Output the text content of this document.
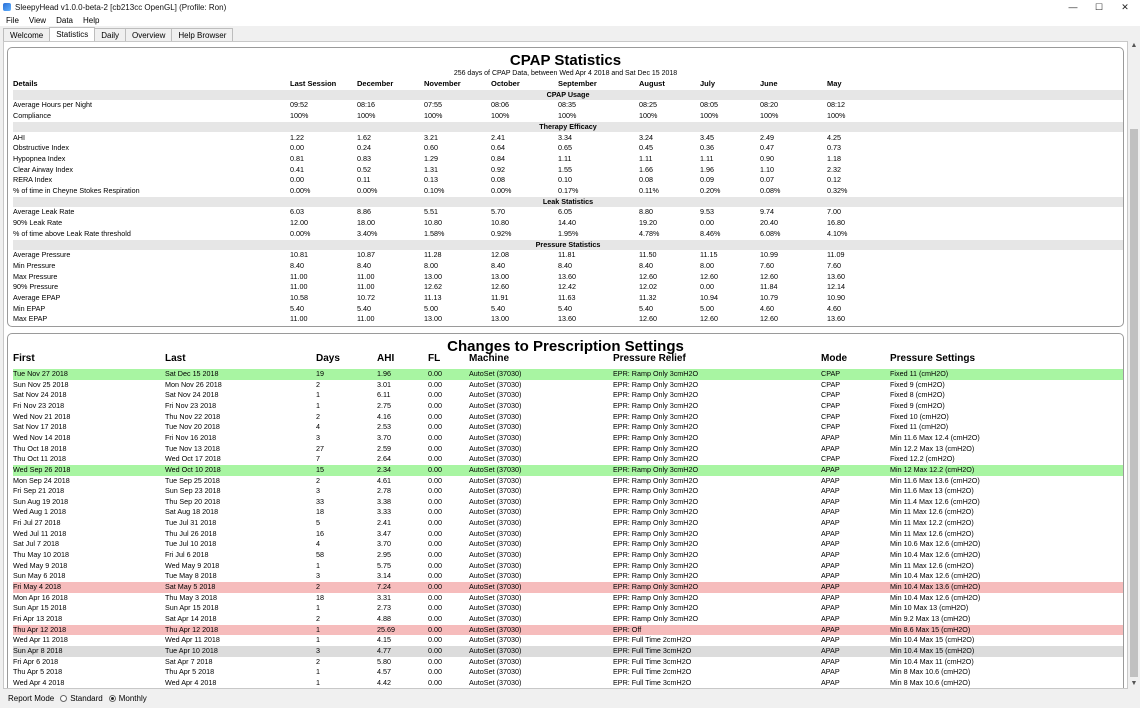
SleepyHead v1.0.0-beta-2 [cb213cc OpenGL] (Profile: Ron)	—	☐	✕
File View Data Help
Welcome	Statistics	Daily	Overview	Help Browser
CPAP Statistics
256 days of CPAP Data, between Wed Apr 4 2018 and Sat Dec 15 2018
Details	Last Session	December	November	October	September	August	July	June	May
CPAP Usage
Average Hours per Night	09:52	08:16	07:55	08:06	08:35	08:25	08:05	08:20	08:12
Compliance	100%	100%	100%	100%	100%	100%	100%	100%	100%
Therapy Efficacy
AHI	1.22	1.62	3.21	2.41	3.34	3.24	3.45	2.49	4.25
Obstructive Index	0.00	0.24	0.60	0.64	0.65	0.45	0.36	0.47	0.73
Hypopnea Index	0.81	0.83	1.29	0.84	1.11	1.11	1.11	0.90	1.18
Clear Airway Index	0.41	0.52	1.31	0.92	1.55	1.66	1.96	1.10	2.32
RERA Index	0.00	0.11	0.13	0.08	0.10	0.08	0.09	0.07	0.12
% of time in Cheyne Stokes Respiration	0.00%	0.00%	0.10%	0.00%	0.17%	0.11%	0.20%	0.08%	0.32%
Leak Statistics
Average Leak Rate	6.03	8.86	5.51	5.70	6.05	8.80	9.53	9.74	7.00
90% Leak Rate	12.00	18.00	10.80	10.80	14.40	19.20	0.00	20.40	16.80
% of time above Leak Rate threshold	0.00%	3.40%	1.58%	0.92%	1.95%	4.78%	8.46%	6.08%	4.10%
Pressure Statistics
Average Pressure	10.81	10.87	11.28	12.08	11.81	11.50	11.15	10.99	11.09
Min Pressure	8.40	8.40	8.00	8.40	8.40	8.40	8.00	7.60	7.60
Max Pressure	11.00	11.00	13.00	13.00	13.60	12.60	12.60	12.60	13.60
90% Pressure	11.00	11.00	12.62	12.60	12.42	12.02	0.00	11.84	12.14
Average EPAP	10.58	10.72	11.13	11.91	11.63	11.32	10.94	10.79	10.90
Min EPAP	5.40	5.40	5.00	5.40	5.40	5.40	5.00	4.60	4.60
Max EPAP	11.00	11.00	13.00	13.00	13.60	12.60	12.60	12.60	13.60
Changes to Prescription Settings
First	Last	Days	AHI	FL	Machine	Pressure Relief	Mode	Pressure Settings
Tue Nov 27 2018	Sat Dec 15 2018	19	1.96	0.00	AutoSet (37030)	EPR: Ramp Only 3cmH2O	CPAP	Fixed 11 (cmH2O)
Sun Nov 25 2018	Mon Nov 26 2018	2	3.01	0.00	AutoSet (37030)	EPR: Ramp Only 3cmH2O	CPAP	Fixed 9 (cmH2O)
Sat Nov 24 2018	Sat Nov 24 2018	1	6.11	0.00	AutoSet (37030)	EPR: Ramp Only 3cmH2O	CPAP	Fixed 8 (cmH2O)
Fri Nov 23 2018	Fri Nov 23 2018	1	2.75	0.00	AutoSet (37030)	EPR: Ramp Only 3cmH2O	CPAP	Fixed 9 (cmH2O)
Wed Nov 21 2018	Thu Nov 22 2018	2	4.16	0.00	AutoSet (37030)	EPR: Ramp Only 3cmH2O	CPAP	Fixed 10 (cmH2O)
Sat Nov 17 2018	Tue Nov 20 2018	4	2.53	0.00	AutoSet (37030)	EPR: Ramp Only 3cmH2O	CPAP	Fixed 11 (cmH2O)
Wed Nov 14 2018	Fri Nov 16 2018	3	3.70	0.00	AutoSet (37030)	EPR: Ramp Only 3cmH2O	APAP	Min 11.6 Max 12.4 (cmH2O)
Thu Oct 18 2018	Tue Nov 13 2018	27	2.59	0.00	AutoSet (37030)	EPR: Ramp Only 3cmH2O	APAP	Min 12.2 Max 13 (cmH2O)
Thu Oct 11 2018	Wed Oct 17 2018	7	2.64	0.00	AutoSet (37030)	EPR: Ramp Only 3cmH2O	CPAP	Fixed 12.2 (cmH2O)
Wed Sep 26 2018	Wed Oct 10 2018	15	2.34	0.00	AutoSet (37030)	EPR: Ramp Only 3cmH2O	APAP	Min 12 Max 12.2 (cmH2O)
Mon Sep 24 2018	Tue Sep 25 2018	2	4.61	0.00	AutoSet (37030)	EPR: Ramp Only 3cmH2O	APAP	Min 11.6 Max 13.6 (cmH2O)
Fri Sep 21 2018	Sun Sep 23 2018	3	2.78	0.00	AutoSet (37030)	EPR: Ramp Only 3cmH2O	APAP	Min 11.6 Max 13 (cmH2O)
Sun Aug 19 2018	Thu Sep 20 2018	33	3.38	0.00	AutoSet (37030)	EPR: Ramp Only 3cmH2O	APAP	Min 11.4 Max 12.6 (cmH2O)
Wed Aug 1 2018	Sat Aug 18 2018	18	3.33	0.00	AutoSet (37030)	EPR: Ramp Only 3cmH2O	APAP	Min 11 Max 12.6 (cmH2O)
Fri Jul 27 2018	Tue Jul 31 2018	5	2.41	0.00	AutoSet (37030)	EPR: Ramp Only 3cmH2O	APAP	Min 11 Max 12.2 (cmH2O)
Wed Jul 11 2018	Thu Jul 26 2018	16	3.47	0.00	AutoSet (37030)	EPR: Ramp Only 3cmH2O	APAP	Min 11 Max 12.6 (cmH2O)
Sat Jul 7 2018	Tue Jul 10 2018	4	3.70	0.00	AutoSet (37030)	EPR: Ramp Only 3cmH2O	APAP	Min 10.6 Max 12.6 (cmH2O)
Thu May 10 2018	Fri Jul 6 2018	58	2.95	0.00	AutoSet (37030)	EPR: Ramp Only 3cmH2O	APAP	Min 10.4 Max 12.6 (cmH2O)
Wed May 9 2018	Wed May 9 2018	1	5.75	0.00	AutoSet (37030)	EPR: Ramp Only 3cmH2O	APAP	Min 11 Max 12.6 (cmH2O)
Sun May 6 2018	Tue May 8 2018	3	3.14	0.00	AutoSet (37030)	EPR: Ramp Only 3cmH2O	APAP	Min 10.4 Max 12.6 (cmH2O)
Fri May 4 2018	Sat May 5 2018	2	7.24	0.00	AutoSet (37030)	EPR: Ramp Only 3cmH2O	APAP	Min 10.4 Max 13.6 (cmH2O)
Mon Apr 16 2018	Thu May 3 2018	18	3.31	0.00	AutoSet (37030)	EPR: Ramp Only 3cmH2O	APAP	Min 10.4 Max 12.6 (cmH2O)
Sun Apr 15 2018	Sun Apr 15 2018	1	2.73	0.00	AutoSet (37030)	EPR: Ramp Only 3cmH2O	APAP	Min 10 Max 13 (cmH2O)
Fri Apr 13 2018	Sat Apr 14 2018	2	4.88	0.00	AutoSet (37030)	EPR: Ramp Only 3cmH2O	APAP	Min 9.2 Max 13 (cmH2O)
Thu Apr 12 2018	Thu Apr 12 2018	1	25.69	0.00	AutoSet (37030)	EPR: Off	APAP	Min 8.6 Max 15 (cmH2O)
Wed Apr 11 2018	Wed Apr 11 2018	1	4.15	0.00	AutoSet (37030)	EPR: Full Time 2cmH2O	APAP	Min 10.4 Max 15 (cmH2O)
Sun Apr 8 2018	Tue Apr 10 2018	3	4.77	0.00	AutoSet (37030)	EPR: Full Time 3cmH2O	APAP	Min 10.4 Max 15 (cmH2O)
Fri Apr 6 2018	Sat Apr 7 2018	2	5.80	0.00	AutoSet (37030)	EPR: Full Time 3cmH2O	APAP	Min 10.4 Max 11 (cmH2O)
Thu Apr 5 2018	Thu Apr 5 2018	1	4.57	0.00	AutoSet (37030)	EPR: Full Time 2cmH2O	APAP	Min 8 Max 10.6 (cmH2O)
Wed Apr 4 2018	Wed Apr 4 2018	1	4.42	0.00	AutoSet (37030)	EPR: Full Time 3cmH2O	APAP	Min 8 Max 10.6 (cmH2O)
▲
▼
Report Mode Standard Monthly
